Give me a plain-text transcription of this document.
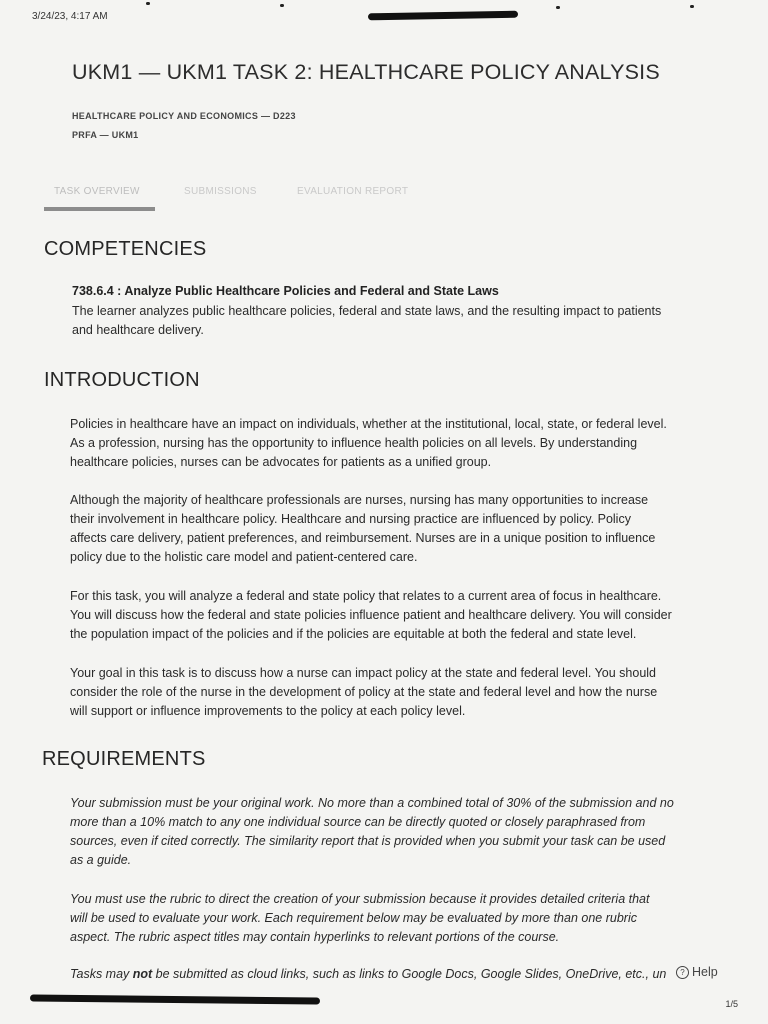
3/24/23, 4:17 AM
1/5
UKM1 — UKM1 TASK 2: HEALTHCARE POLICY ANALYSIS
HEALTHCARE POLICY AND ECONOMICS — D223
PRFA — UKM1
TASK OVERVIEW	SUBMISSIONS	EVALUATION REPORT
COMPETENCIES
738.6.4 : Analyze Public Healthcare Policies and Federal and State Laws
The learner analyzes public healthcare policies, federal and state laws, and the resulting impact to patients
and healthcare delivery.
INTRODUCTION
Policies in healthcare have an impact on individuals, whether at the institutional, local, state, or federal level.
As a profession, nursing has the opportunity to influence health policies on all levels. By understanding
healthcare policies, nurses can be advocates for patients as a unified group.
Although the majority of healthcare professionals are nurses, nursing has many opportunities to increase
their involvement in healthcare policy. Healthcare and nursing practice are influenced by policy. Policy
affects care delivery, patient preferences, and reimbursement. Nurses are in a unique position to influence
policy due to the holistic care model and patient-centered care.
For this task, you will analyze a federal and state policy that relates to a current area of focus in healthcare.
You will discuss how the federal and state policies influence patient and healthcare delivery. You will consider
the population impact of the policies and if the policies are equitable at both the federal and state level.
Your goal in this task is to discuss how a nurse can impact policy at the state and federal level. You should
consider the role of the nurse in the development of policy at the state and federal level and how the nurse
will support or influence improvements to the policy at each policy level.
REQUIREMENTS
Your submission must be your original work. No more than a combined total of 30% of the submission and no
more than a 10% match to any one individual source can be directly quoted or closely paraphrased from
sources, even if cited correctly. The similarity report that is provided when you submit your task can be used
as a guide.
You must use the rubric to direct the creation of your submission because it provides detailed criteria that
will be used to evaluate your work. Each requirement below may be evaluated by more than one rubric
aspect. The rubric aspect titles may contain hyperlinks to relevant portions of the course.
Tasks may not be submitted as cloud links, such as links to Google Docs, Google Slides, OneDrive, etc., un	? Help
